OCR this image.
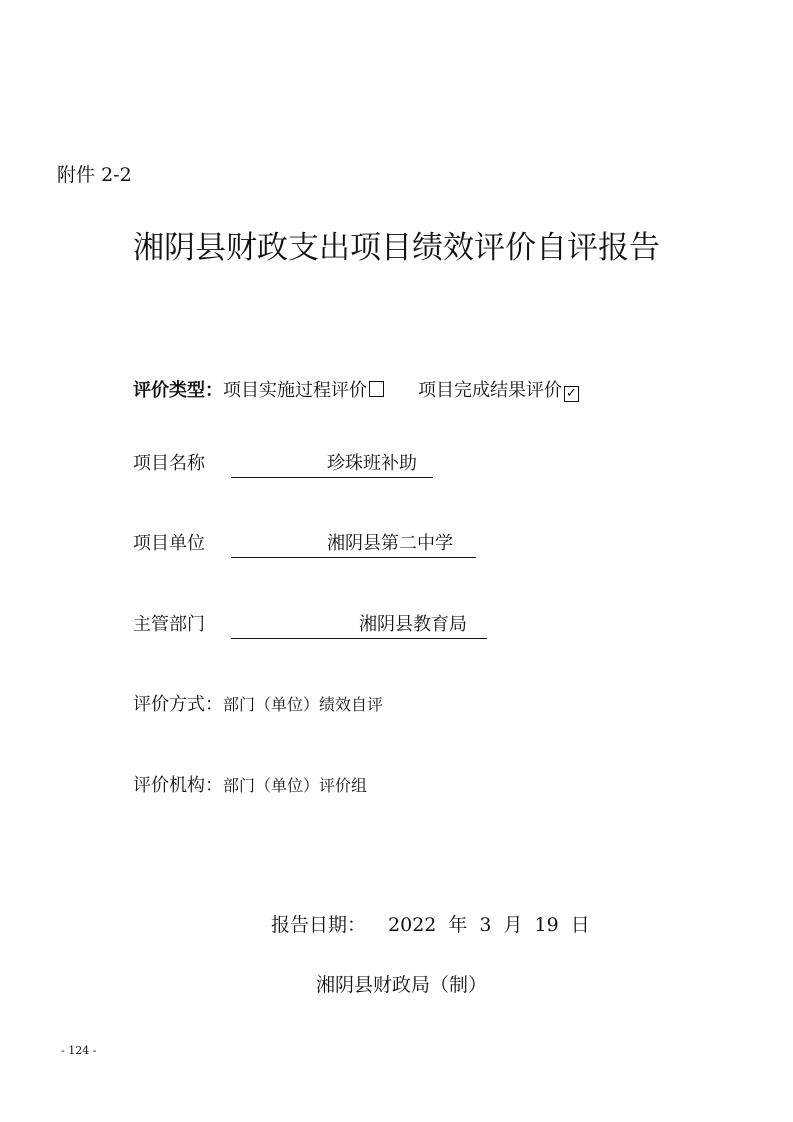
附件 2-2
湘阴县财政支出项目绩效评价自评报告
评价类型：项目实施过程评价	项目完成结果评价 ✓
项目名称	珍珠班补助
项目单位	湘阴县第二中学
主管部门	湘阴县教育局
评价方式：部门（单位）绩效自评
评价机构：部门（单位）评价组
报告日期： 2022 年 3 月 19 日
湘阴县财政局（制）
- 124 -
